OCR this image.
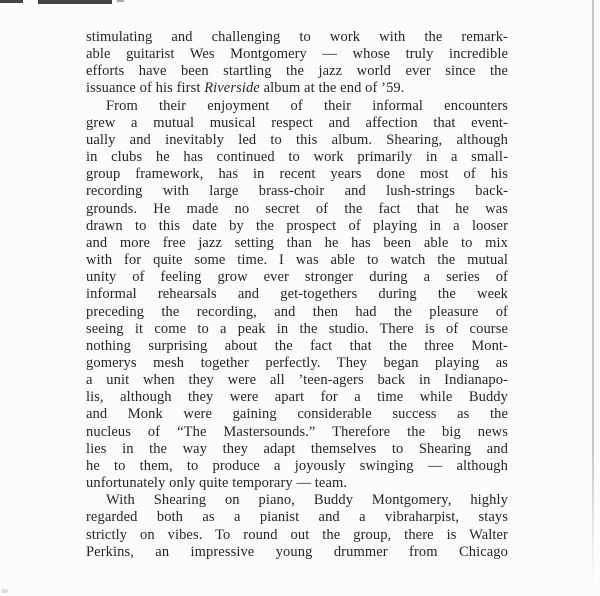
stimulating and challenging to work with the remark-
able guitarist Wes Montgomery — whose truly incredible
efforts have been startling the jazz world ever since the
issuance of his first Riverside album at the end of ’59.
From their enjoyment of their informal encounters
grew a mutual musical respect and affection that event-
ually and inevitably led to this album. Shearing, although
in clubs he has continued to work primarily in a small-
group framework, has in recent years done most of his
recording with large brass-choir and lush-strings back-
grounds. He made no secret of the fact that he was
drawn to this date by the prospect of playing in a looser
and more free jazz setting than he has been able to mix
with for quite some time. I was able to watch the mutual
unity of feeling grow ever stronger during a series of
informal rehearsals and get-togethers during the week
preceding the recording, and then had the pleasure of
seeing it come to a peak in the studio. There is of course
nothing surprising about the fact that the three Mont-
gomerys mesh together perfectly. They began playing as
a unit when they were all ’teen-agers back in Indianapo-
lis, although they were apart for a time while Buddy
and Monk were gaining considerable success as the
nucleus of “The Mastersounds.” Therefore the big news
lies in the way they adapt themselves to Shearing and
he to them, to produce a joyously swinging — although
unfortunately only quite temporary — team.
With Shearing on piano, Buddy Montgomery, highly
regarded both as a pianist and a vibraharpist, stays
strictly on vibes. To round out the group, there is Walter
Perkins, an impressive young drummer from Chicago
